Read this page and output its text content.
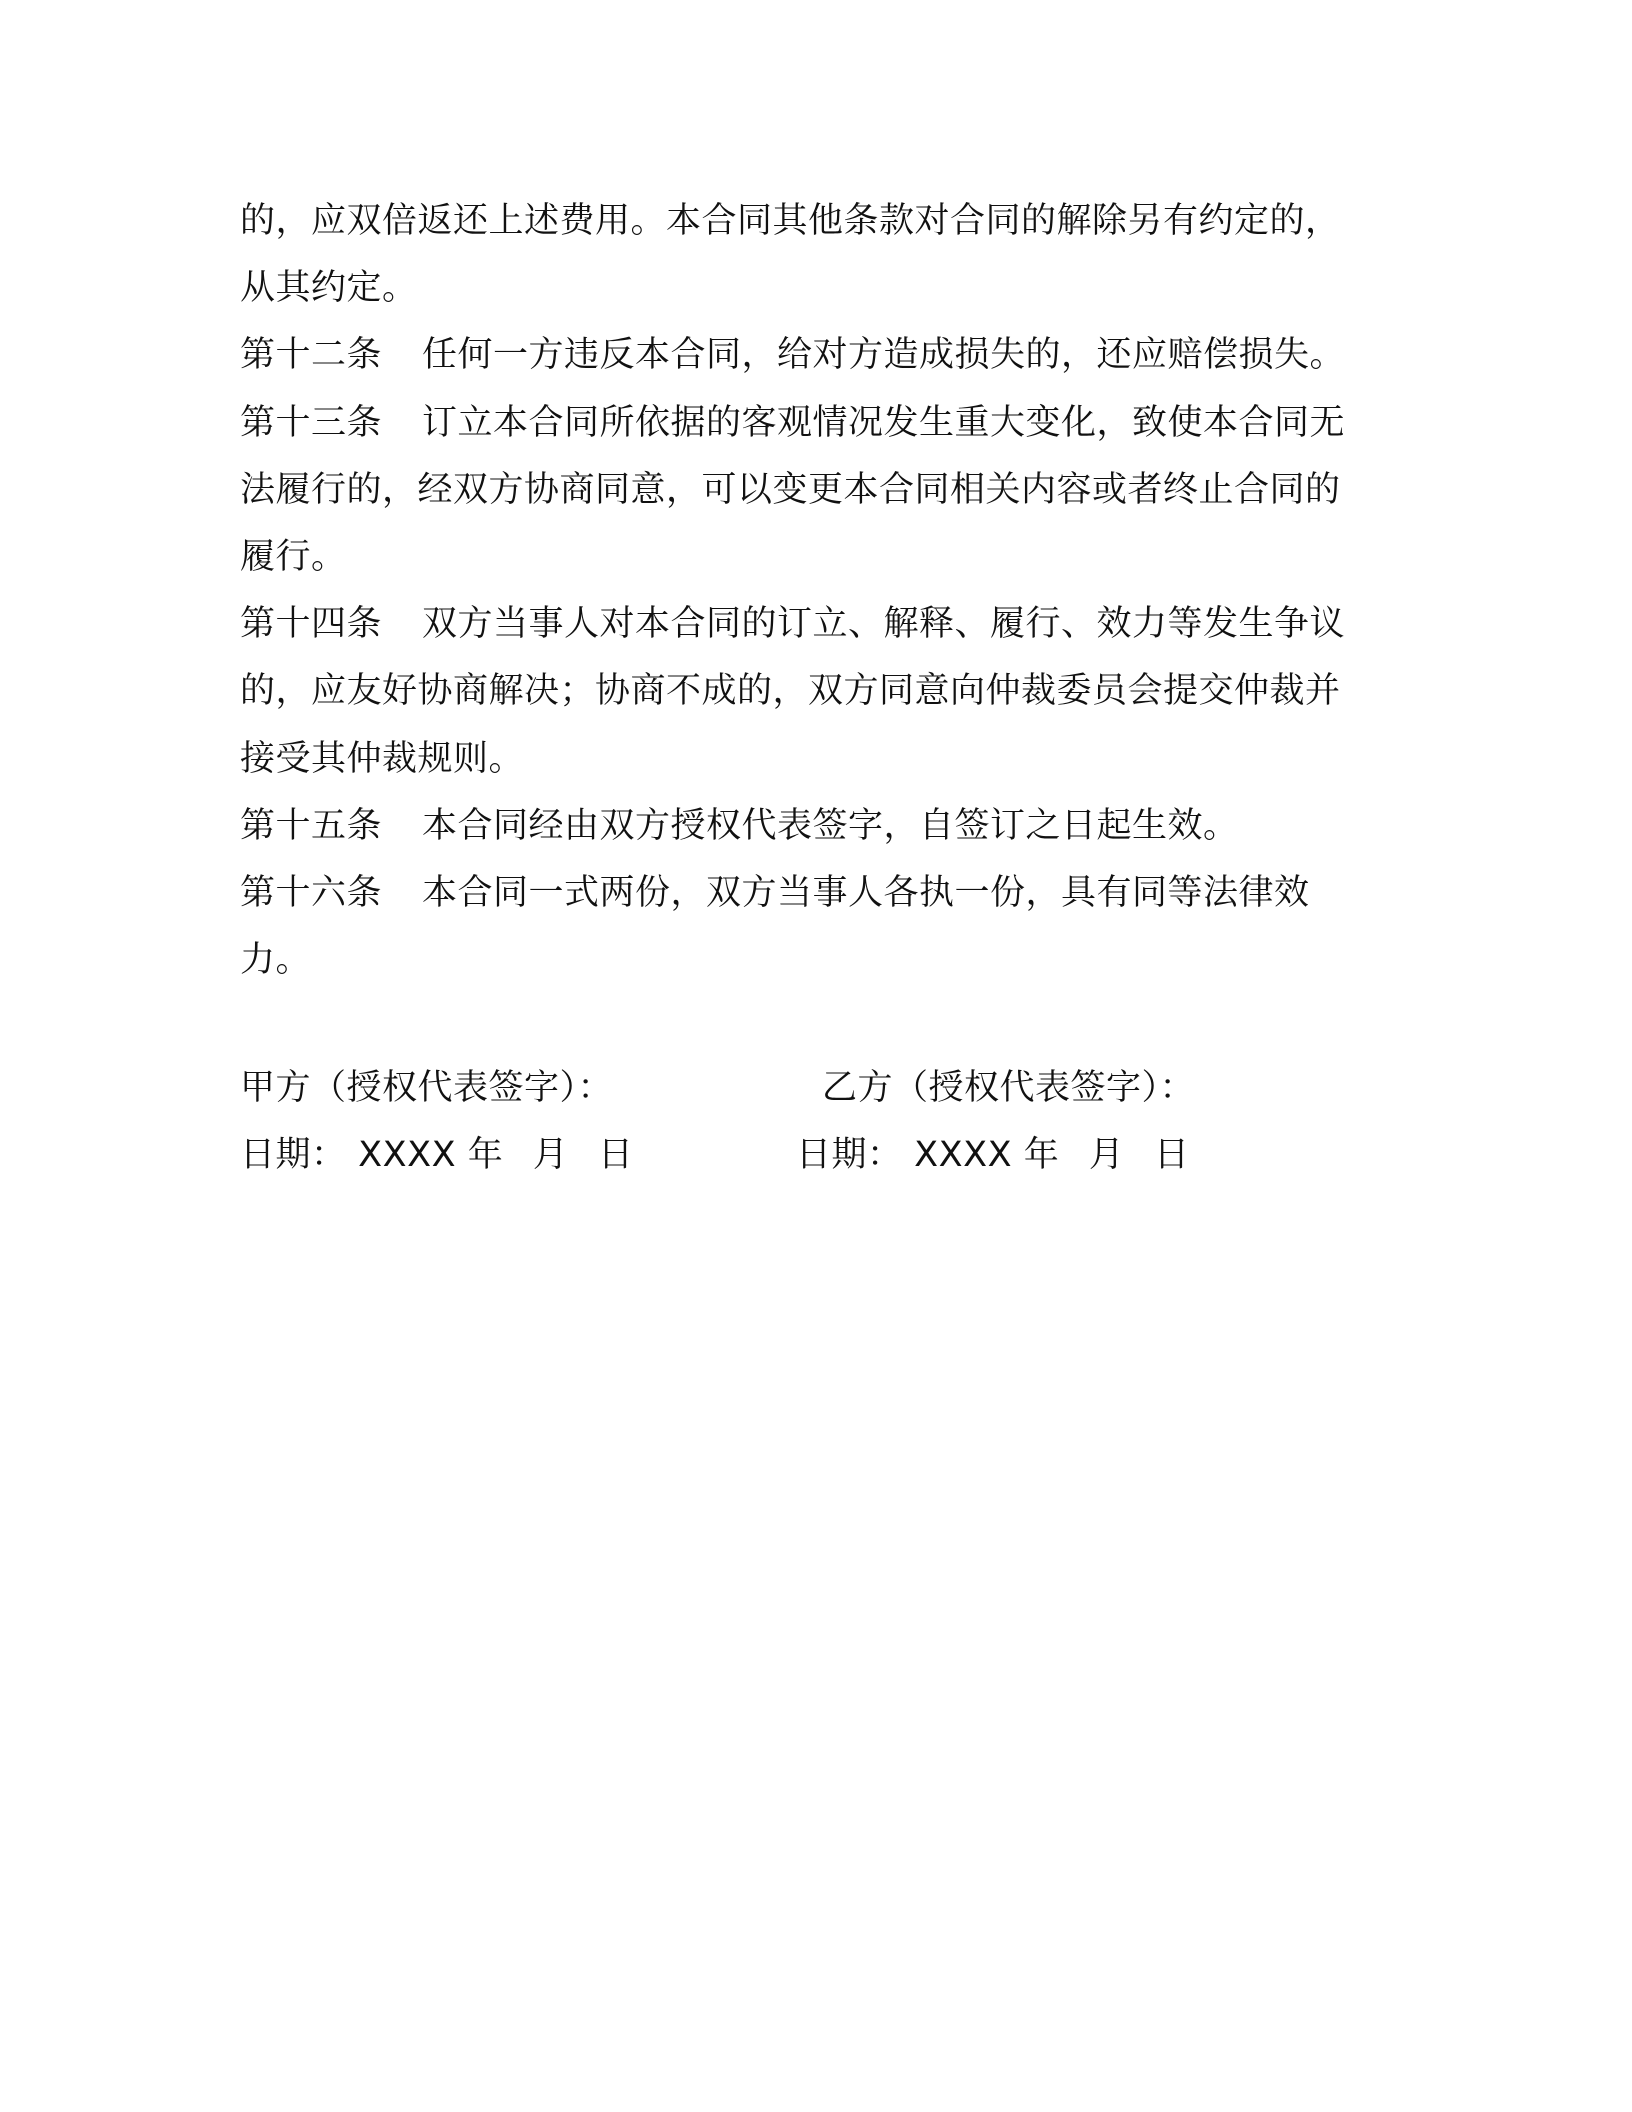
的，应双倍返还上述费用。本合同其他条款对合同的解除另有约定的，从其约定。

第十二条 任何一方违反本合同，给对方造成损失的，还应赔偿损失。

第十三条 订立本合同所依据的客观情况发生重大变化，致使本合同无法履行的，经双方协商同意，可以变更本合同相关内容或者终止合同的履行。

第十四条 双方当事人对本合同的订立、解释、履行、效力等发生争议的，应友好协商解决；协商不成的，双方同意向仲裁委员会提交仲裁并接受其仲裁规则。

第十五条 本合同经由双方授权代表签字，自签订之日起生效。

第十六条 本合同一式两份，双方当事人各执一份，具有同等法律效力。

甲方（授权代表签字）：	乙方（授权代表签字）：
日期： XXXX 年 月 日	日期： XXXX 年 月 日
